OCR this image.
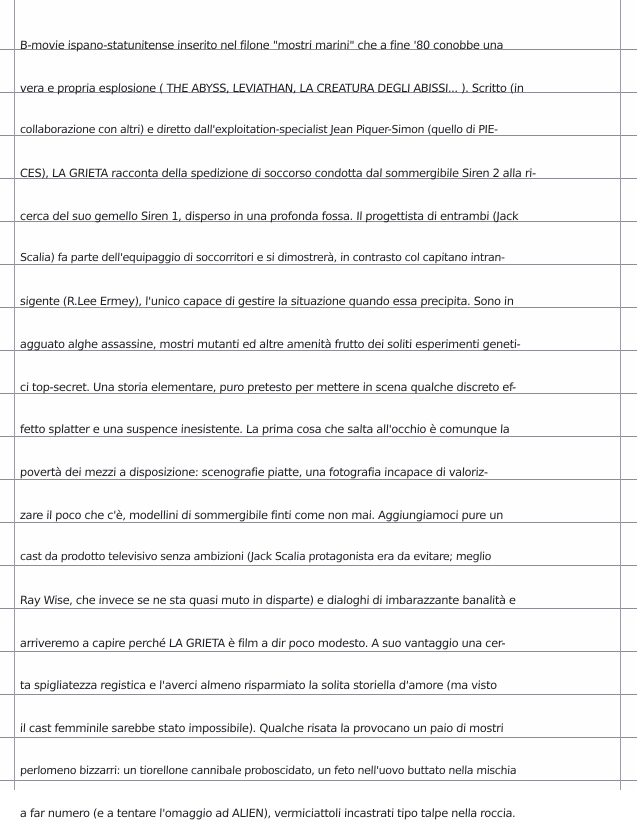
B-movie ispano-statunitense inserito nel filone "mostri marini" che a fine '80 conobbe una
vera e propria esplosione ( THE ABYSS, LEVIATHAN, LA CREATURA DEGLI ABISSI... ). Scritto (in
collaborazione con altri) e diretto dall'exploitation-specialist Jean Piquer-Simon (quello di PIE-
CES), LA GRIETA racconta della spedizione di soccorso condotta dal sommergibile Siren 2 alla ri-
cerca del suo gemello Siren 1, disperso in una profonda fossa. Il progettista di entrambi (Jack
Scalia) fa parte dell'equipaggio di soccorritori e si dimostrerà, in contrasto col capitano intran-
sigente (R.Lee Ermey), l'unico capace di gestire la situazione quando essa precipita. Sono in
agguato alghe assassine, mostri mutanti ed altre amenità frutto dei soliti esperimenti geneti-
ci top-secret. Una storia elementare, puro pretesto per mettere in scena qualche discreto ef-
fetto splatter e una suspence inesistente. La prima cosa che salta all'occhio è comunque la
povertà dei mezzi a disposizione: scenografie piatte, una fotografia incapace di valoriz-
zare il poco che c'è, modellini di sommergibile finti come non mai. Aggiungiamoci pure un
cast da prodotto televisivo senza ambizioni (Jack Scalia protagonista era da evitare; meglio
Ray Wise, che invece se ne sta quasi muto in disparte) e dialoghi di imbarazzante banalità e
arriveremo a capire perché LA GRIETA è film a dir poco modesto. A suo vantaggio una cer-
ta spigliatezza registica e l'averci almeno risparmiato la solita storiella d'amore (ma visto
il cast femminile sarebbe stato impossibile). Qualche risata la provocano un paio di mostri
perlomeno bizzarri: un tiorellone cannibale proboscidato, un feto nell'uovo buttato nella mischia
a far numero (e a tentare l'omaggio ad ALIEN), vermiciattoli incastrati tipo talpe nella roccia.
